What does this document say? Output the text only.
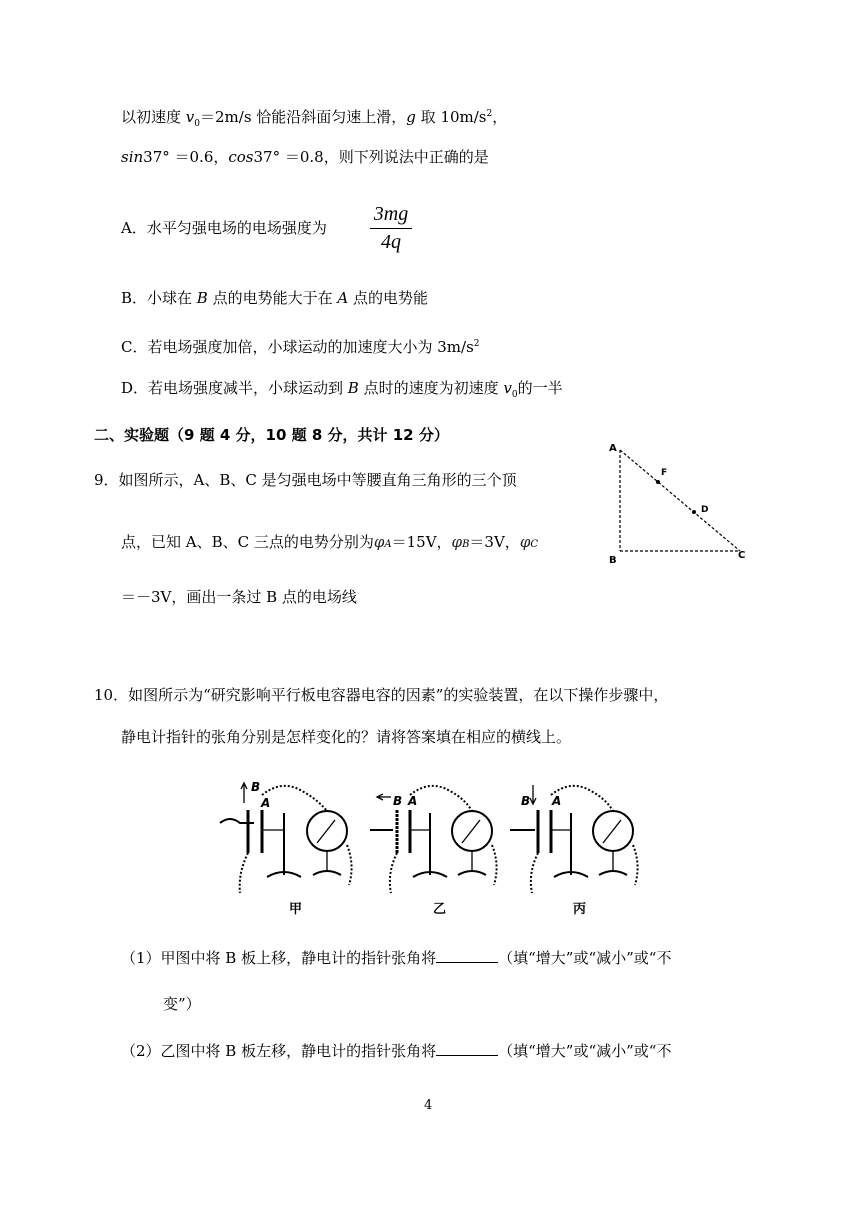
以初速度 $v_0=2m/s$ 恰能沿斜面匀速上滑，g 取 $10m/s^2$，
sin37° ＝0.6，cos37° ＝0.8，则下列说法中正确的是
A．水平匀强电场的电场强度为
3mg
4q
B．小球在 B 点的电势能大于在 A 点的电势能
C．若电场强度加倍，小球运动的加速度大小为 $3m/s^2$
D．若电场强度减半，小球运动到 B 点时的速度为初速度 $v_0$的一半
二、实验题（9 题 4 分，10 题 8 分，共计 12 分）
9．如图所示，A、B、C 是匀强电场中等腰直角三角形的三个顶
点，已知 A、B、C 三点的电势分别为φA＝15V，φB＝3V，φC
＝－3V，画出一条过 B 点的电场线
A
F
D
B	C
10．如图所示为“研究影响平行板电容器电容的因素”的实验装置，在以下操作步骤中，
静电计指针的张角分别是怎样变化的？请将答案填在相应的横线上。
B
A	B A	B A
甲	乙	丙
（1）甲图中将 B 板上移，静电计的指针张角将	（填“增大”或“减小”或“不
变”）
（2）乙图中将 B 板左移，静电计的指针张角将	（填“增大”或“减小”或“不
4
